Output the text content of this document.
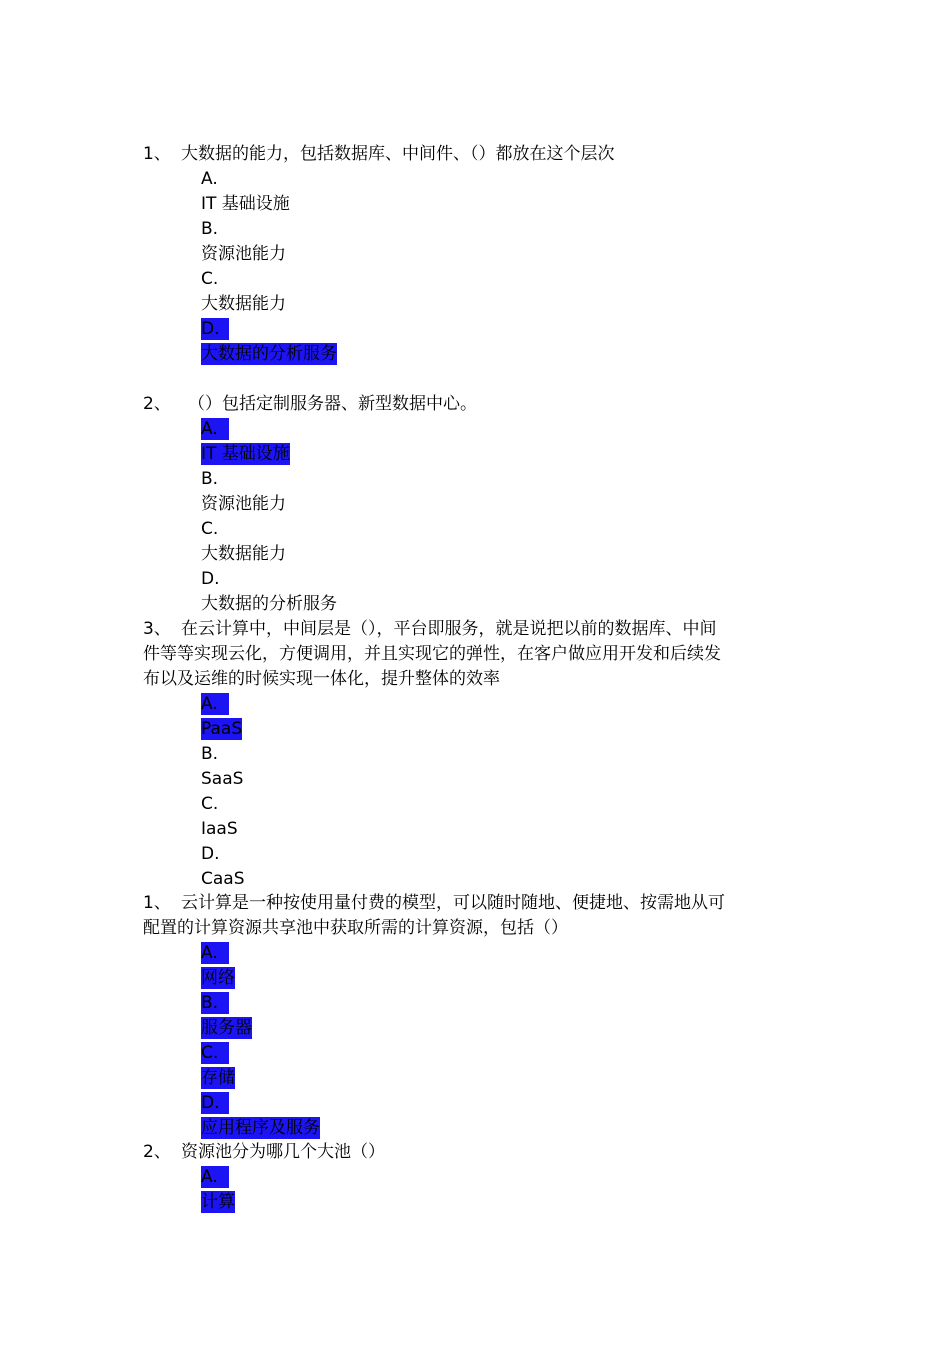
1、 大数据的能力，包括数据库、中间件、（）都放在这个层次
A.
IT 基础设施
B.
资源池能力
C.
大数据能力
D.
大数据的分析服务
2、 （）包括定制服务器、新型数据中心。
A.
IT 基础设施
B.
资源池能力
C.
大数据能力
D.
大数据的分析服务
3、 在云计算中，中间层是（），平台即服务，就是说把以前的数据库、中间
件等等实现云化，方便调用，并且实现它的弹性，在客户做应用开发和后续发
布以及运维的时候实现一体化，提升整体的效率
A.
PaaS
B.
SaaS
C.
IaaS
D.
CaaS
1、 云计算是一种按使用量付费的模型，可以随时随地、便捷地、按需地从可
配置的计算资源共享池中获取所需的计算资源，包括（）
A.
网络
B.
服务器
C.
存储
D.
应用程序及服务
2、 资源池分为哪几个大池（）
A.
计算
